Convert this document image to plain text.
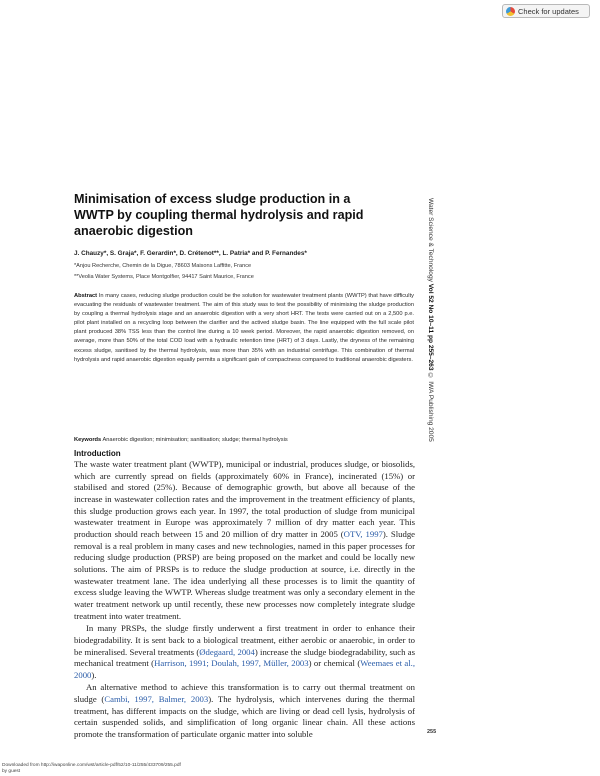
Check for updates
Minimisation of excess sludge production in a WWTP by coupling thermal hydrolysis and rapid anaerobic digestion
J. Chauzy*, S. Graja*, F. Gerardin*, D. Crétenot**, L. Patria* and P. Fernandes*
*Anjou Recherche, Chemin de la Digue, 78603 Maisons Laffitte, France
**Veolia Water Systems, Place Montgolfier, 94417 Saint Maurice, France

Abstract In many cases, reducing sludge production could be the solution for wastewater treatment plants (WWTP) that have difficulty evacuating the residuals of wastewater treatment. The aim of this study was to test the possibility of minimising the sludge production by coupling a thermal hydrolysis stage and an anaerobic digestion with a very short HRT. The tests were carried out on a 2,500 p.e. pilot plant installed on a recycling loop between the clarifier and the actived sludge basin. The line equipped with the full scale pilot plant produced 38% TSS less than the control line during a 10 week period. Moreover, the rapid anaerobic digestion removed, on average, more than 50% of the total COD load with a hydraulic retention time (HRT) of 3 days. Lastly, the dryness of the remaining excess sludge, sanitised by the thermal hydrolysis, was more than 35% with an industrial centrifuge. This combination of thermal hydrolysis and rapid anaerobic digestion equally permits a significant gain of compactness compared to traditional anaerobic digesters.

Keywords Anaerobic digestion; minimisation; sanitisation; sludge; thermal hydrolysis
Introduction

The waste water treatment plant (WWTP), municipal or industrial, produces sludge, or biosolids, which are currently spread on fields (approximately 60% in France), incinerated (15%) or stabilised and stored (25%). Because of demographic growth, but above all because of the increase in wastewater collection rates and the improvement in the treatment efficiency of plants, this sludge production grows each year. In 1997, the total production of sludge from municipal wastewater treatment in Europe was approximately 7 million of dry matter each year. This production should reach between 15 and 20 million of dry matter in 2005 (OTV, 1997). Sludge removal is a real problem in many cases and new technologies, named in this paper processes for reducing sludge production (PRSP) are being proposed on the market and could be locally new solutions. The aim of PRSPs is to reduce the sludge production at source, i.e. directly in the wastewater treatment lane. The idea underlying all these processes is to limit the quantity of excess sludge leaving the WWTP. Whereas sludge treatment was only a secondary element in the water treatment network up until recently, these new processes now completely integrate sludge treatment into water treatment.

In many PRSPs, the sludge firstly underwent a first treatment in order to enhance their biodegradability. It is sent back to a biological treatment, either aerobic or anaerobic, in order to be mineralised. Several treatments (Ødegaard, 2004) increase the sludge biodegradability, such as mechanical treatment (Harrison, 1991; Doulah, 1997, Müller, 2003) or chemical (Weemaes et al., 2000).

An alternative method to achieve this transformation is to carry out thermal treatment on sludge (Cambi, 1997, Balmer, 2003). The hydrolysis, which intervenes during the thermal treatment, has different impacts on the sludge, which are living or dead cell lysis, hydrolysis of certain suspended solids, and simplification of long organic linear chain. All these actions promote the transformation of particulate organic matter into soluble

Water Science & Technology Vol 52 No 10–11 pp 255–263 © IWA Publishing 2005
255
Downloaded from http://iwaponline.com/wst/article-pdf/52/10-11/255/433709/255.pdf
by guest
